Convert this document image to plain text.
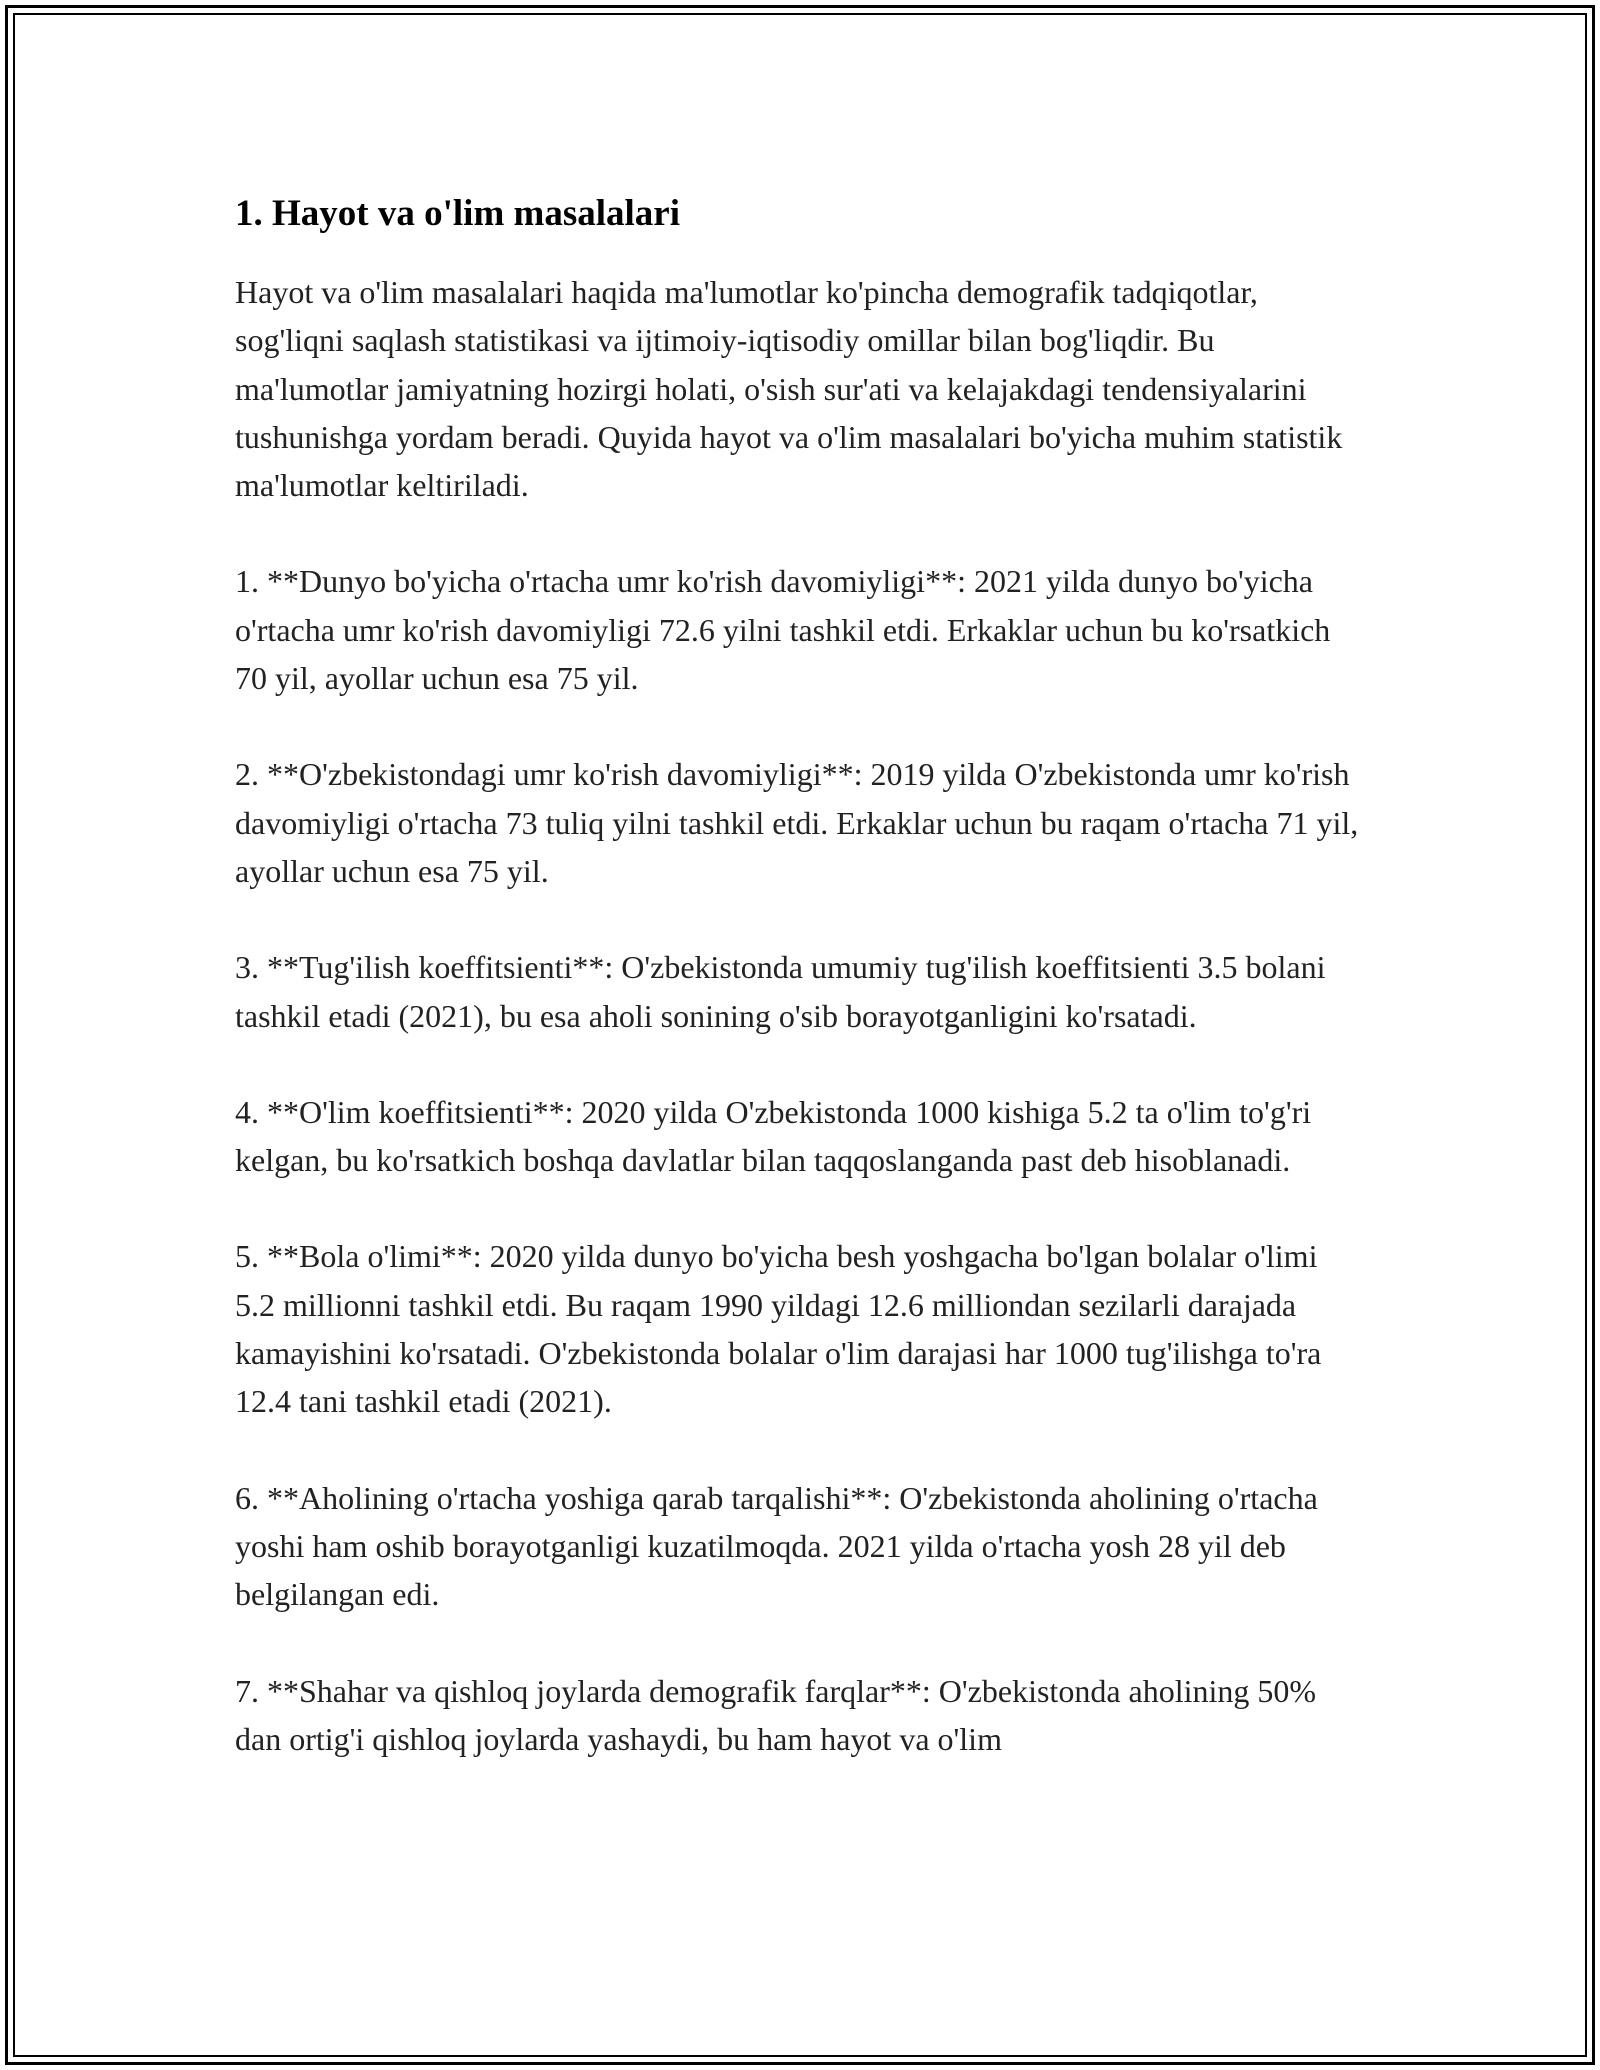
1. Hayot va o'lim masalalari

Hayot va o'lim masalalari haqida ma'lumotlar ko'pincha demografik tadqiqotlar, sog'liqni saqlash statistikasi va ijtimoiy-iqtisodiy omillar bilan bog'liqdir. Bu ma'lumotlar jamiyatning hozirgi holati, o'sish sur'ati va kelajakdagi tendensiyalarini tushunishga yordam beradi. Quyida hayot va o'lim masalalari bo'yicha muhim statistik ma'lumotlar keltiriladi.

1. **Dunyo bo'yicha o'rtacha umr ko'rish davomiyligi**: 2021 yilda dunyo bo'yicha o'rtacha umr ko'rish davomiyligi 72.6 yilni tashkil etdi. Erkaklar uchun bu ko'rsatkich 70 yil, ayollar uchun esa 75 yil.

2. **O'zbekistondagi umr ko'rish davomiyligi**: 2019 yilda O'zbekistonda umr ko'rish davomiyligi o'rtacha 73 tuliq yilni tashkil etdi. Erkaklar uchun bu raqam o'rtacha 71 yil, ayollar uchun esa 75 yil.

3. **Tug'ilish koeffitsienti**: O'zbekistonda umumiy tug'ilish koeffitsienti 3.5 bolani tashkil etadi (2021), bu esa aholi sonining o'sib borayotganligini ko'rsatadi.

4. **O'lim koeffitsienti**: 2020 yilda O'zbekistonda 1000 kishiga 5.2 ta o'lim to'g'ri kelgan, bu ko'rsatkich boshqa davlatlar bilan taqqoslanganda past deb hisoblanadi.

5. **Bola o'limi**: 2020 yilda dunyo bo'yicha besh yoshgacha bo'lgan bolalar o'limi 5.2 millionni tashkil etdi. Bu raqam 1990 yildagi 12.6 milliondan sezilarli darajada kamayishini ko'rsatadi. O'zbekistonda bolalar o'lim darajasi har 1000 tug'ilishga to'ra 12.4 tani tashkil etadi (2021).

6. **Aholining o'rtacha yoshiga qarab tarqalishi**: O'zbekistonda aholining o'rtacha yoshi ham oshib borayotganligi kuzatilmoqda. 2021 yilda o'rtacha yosh 28 yil deb belgilangan edi.

7. **Shahar va qishloq joylarda demografik farqlar**: O'zbekistonda aholining 50% dan ortig'i qishloq joylarda yashaydi, bu ham hayot va o'lim
